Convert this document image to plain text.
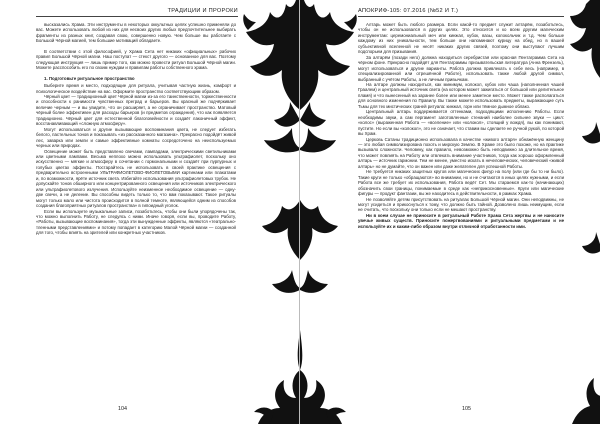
ТРАДИЦИИ И ПРОРОКИ

высказались Храма. Эти инструменты в некоторых оккультных целях успешно применяли до вас. Можете использовать любой из них для несвоих других любых предпочтительнее выбирать фрагменты из разных книг, создавая свою, совершенно новую. Чем больше вы работаете с Большой Чёрной магией, тем большие мотиваций обладаете.

В соответствии с этой философией, у Храма Сета нет никаких «официальных» рабочих правил Большой Чёрной магии. Наш поступат — стекст другого — основанное для вас. Поэтому следующая инструкция — лишь пример того, как можно провести ритуал Большой Чёрной магии. Можете расспособить его по своим нуждам и правилам работы собственного храма.

1. Подготовьте ритуальное пространство

Выберите время и место, подходящие для ритуала, учитывая частную жизнь, комфорт и психологическое воздействие на вас. Оформите пространство соответствующим образом.

Чёрный цвет — традиционный цвет Чёрной магии из-за его таинственности, торжественности и способности к ранимости чувственных преград и барьеров. Вы красный же подчёркивает величие черным — и вы увидите, что он расширяет, а не ограничивает пространство. Матовый чёрный более эффективен для расходы барьеров (и предметов ограждения), что как появляется традиционно. Чёрный цвет для естественной благоговейности и создаёт лаконичный эффект, восстанавливающий «сложную атмосферу».

Могут использоваться и другие вызывающие воспоминания цвета, не следует избегать белого, пастельных тонов и показывать «из рассказанного магазина». Прекрасно подойдёт живой лес, заварка или земли и самые эффективные комнаты сосредоточено на неиспользуемых черных или природах.

Освещение может быть представлено свечами, лампадами, электрическими светильниками или цветными лампами. Весьма неплохо можно использовать ультрафиолет, поскольку оно искусственно — мягкие и атмосферу в сочетании с гормональными и создаёт при пурпурных и голубых цветах эффекты. Постарайтесь не использовать в своей практике освещения с предварительно встроенными УЛЬТРАФИОЛЕТОВО-ФИОЛЕТОВЫМИ картинами или плакатами и, по возможности, ярёте источник света. Избегайте использования ультрафиолетовых трубок. Не допускайте тонов обширного или концентрированного освещения или источников электрического или ультрафиолетового излучения. Используйте неизменное необходимое освещение — одну-две свечи, а не деление. Вы способны видеть только то, что вам показывают. Такое ритуалы могут только мало или чистота происходится в полной темноте, являющейся одним из способов создания благоприятных ритуалов пространства» в гипоидный уголок.

Если вы используете музыкальные записи, позаботьтесь, чтобы они были упорядочены так, что можно выполнить Работу, не следуясь с ними. Иначе говоря, если вы, проводите Работу, «Работы, вызывающие воспоминания», тогда эти вынужденные эффекты, являются «театрально-тленными представлениями» и потому попадает в категорию Малой Чёрной магии — созданной для того, чтобы влиять на зрителей или конкретных участников.

104
АПОКРИФ-105: 07.2016 (№52 И Т.)

Алтарь может быть любого размера. Если какой-то предмет служит алтарём, позаботьтесь, чтобы он не использовался в других целях. Это относится и ко всем другим магическим инструментам: церемониальный меч или кинжал, кубок, вазы, колокольчик и т.д. Чем больше каждому из них уникальности, тем больше они напоминают курицу на обед, но в вашей субъективной вселенной не несёт никаких других связей, поэтому они выступают лучшим подспорьем для призывания.

За алтарём (позади него) должна находиться серебристая или красная Пентаграмма Сета на чёрном фоне. Прекрасно подойдёт для Пентаграммы призывательская литература (Анна Френзель), могут использоваться и другие варианты. Работа должна привлекать к себе весь (например, в специализированной или отрешённой Работе), использовать также любой другой символ, выбранный с учётом Работы, а не личным привычкам.

На алтаре должны находиться, как минимум, колокол, кубок или чаша (наполненная чашей Граалем) и центральный источник света (на котором может зажигаться от большой или делительное пламя) и что вынесенный на заранее более или менее заметное место. Может также располагаться для основного изменения по Правилу. Вы также можете использовать предметы, выражающие суть Тьмы для тех мистических граней ритуала: кинжал, горн или тёмное дымное облако.

Центральный алтарь поддерживается оттенками, подходящими исполнению Работы. Если необходимы звуки, а сам пергамент заготовленные стенаний наиболее сильнее звуки — цикл: «колос» (выраженная Работа — «вселение» или «колокол», стоящий у вождя), вы как понимают, пустите. Но если вы «колокол», это не означает, что ставим вы сделаете не ручной рукой, по которой вы Храм.

Церковь Сатаны традиционно использовала в качестве «живого алтаря» обнажённую женщину — это любая символизирована похоть и мирскую Землю. В Храме это было похоже, но на практике вызывало сложности. Человеку, как правило, невозможно быть неподвижно за длительное время, что может повлиять на Работу или отвлекать внимание участников, тогда как хорошо оформленный алтарь — источник гармонии. Тем не менее, уместно искать в нечеловеческих, человеческий «живой алтарь» но не думайте, что он важен или даже желателен для успешной Работы.

Не требуется никаких защитных кругов или магических фигур на полу (или где бы то ни было). Такие круги не только «обращаются» во внимании, но и не считаются в иных целях нужными, и если Работа все же требует их использования, Работа ведёт Сет. Мы стараемся как-то (начинающих) обозначить свои границы, понимаемые в среде как «неприкосновенные». Круги или магические фигуры — продукт фантазии, вы же находитесь в действительности, в рамках Храма.

Не позволяйте детям присутствовать на ритуалах Большой Чёрной магии. Они неподвижны, не могут усидеться и прикоснуться к тому, что должно быть тайной. Дозволено лишь неимущим, если не считать, что поскольку они только если не мешают пространству.

Ни в коем случае не приносите в ритуальный Работе Храма Сета жертвы и не наносите увечье живых существ. Приносите пожертвованиями и ритуальными предметами и не используйте их и каким-либо образом внутри отличной отработанности ими.

105
